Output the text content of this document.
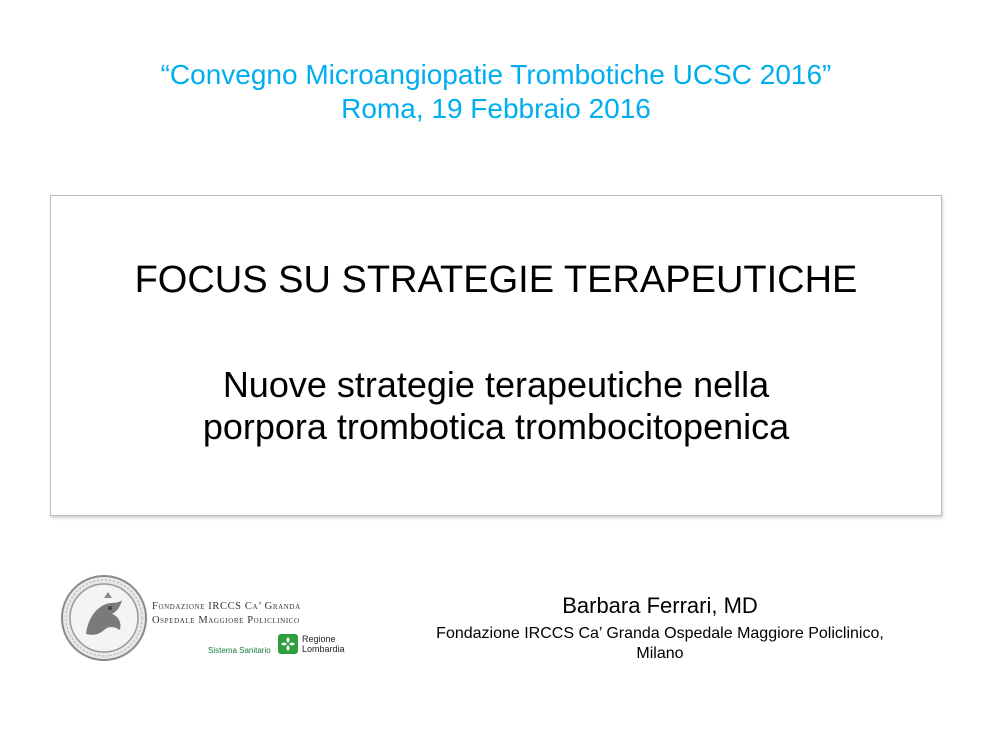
“Convegno Microangiopatie Trombotiche UCSC 2016”
Roma, 19 Febbraio 2016
FOCUS SU STRATEGIE TERAPEUTICHE
Nuove strategie terapeutiche nella
porpora trombotica trombocitopenica
Fondazione IRCCS Ca’ Granda
Ospedale Maggiore Policlinico
Sistema Sanitario
Regione
Lombardia
Barbara Ferrari, MD
Fondazione IRCCS Ca’ Granda Ospedale Maggiore Policlinico,
Milano
